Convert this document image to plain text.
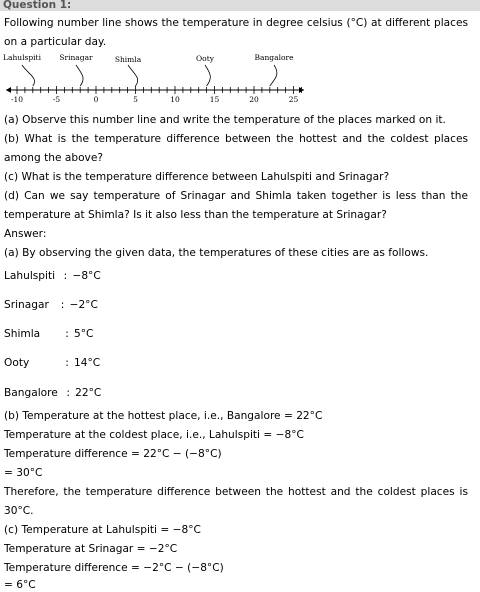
Question 1:
Following number line shows the temperature in degree celsius (°C) at different places
on a particular day.
Lahulspiti Srinagar	Shimla	Ooty	Bangalore
-10	-5	0	5	10	15	20	25
(a) Observe this number line and write the temperature of the places marked on it.
(b) What is the temperature difference between the hottest and the coldest places
among the above?
(c) What is the temperature difference between Lahulspiti and Srinagar?
(d) Can we say temperature of Srinagar and Shimla taken together is less than the
temperature at Shimla? Is it also less than the temperature at Srinagar?
Answer:
(a) By observing the given data, the temperatures of these cities are as follows.
Lahulspiti : −8°C
Srinagar : −2°C
Shimla : 5°C
Ooty	: 14°C
Bangalore : 22°C
(b) Temperature at the hottest place, i.e., Bangalore = 22°C
Temperature at the coldest place, i.e., Lahulspiti = −8°C
Temperature difference = 22°C − (−8°C)
= 30°C
Therefore, the temperature difference between the hottest and the coldest places is
30°C.
(c) Temperature at Lahulspiti = −8°C
Temperature at Srinagar = −2°C
Temperature difference = −2°C − (−8°C)
= 6°C
